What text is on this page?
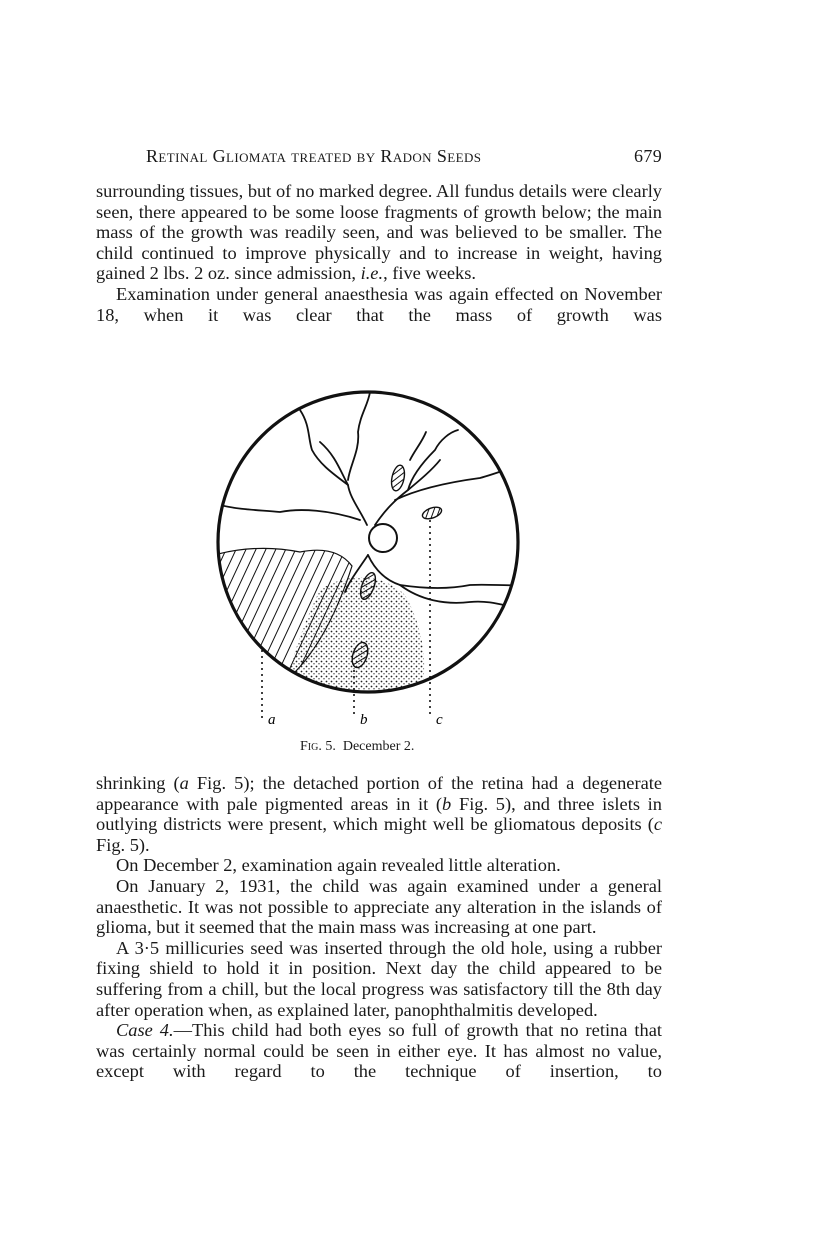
Retinal Gliomata treated by Radon Seeds	679

surrounding tissues, but of no marked degree. All fundus details were clearly seen, there appeared to be some loose fragments of growth below; the main mass of the growth was readily seen, and was believed to be smaller. The child continued to improve physically and to increase in weight, having gained 2 lbs. 2 oz. since admission, i.e., five weeks.

Examination under general anaesthesia was again effected on November 18, when it was clear that the mass of growth was

a	b	c
Fig. 5. December 2.

shrinking (a Fig. 5); the detached portion of the retina had a degenerate appearance with pale pigmented areas in it (b Fig. 5), and three islets in outlying districts were present, which might well be gliomatous deposits (c Fig. 5).

On December 2, examination again revealed little alteration.

On January 2, 1931, the child was again examined under a general anaesthetic. It was not possible to appreciate any alteration in the islands of glioma, but it seemed that the main mass was increasing at one part.

A 3·5 millicuries seed was inserted through the old hole, using a rubber fixing shield to hold it in position. Next day the child appeared to be suffering from a chill, but the local progress was satisfactory till the 8th day after operation when, as explained later, panophthalmitis developed.

Case 4.—This child had both eyes so full of growth that no retina that was certainly normal could be seen in either eye. It has almost no value, except with regard to the technique of insertion, to
